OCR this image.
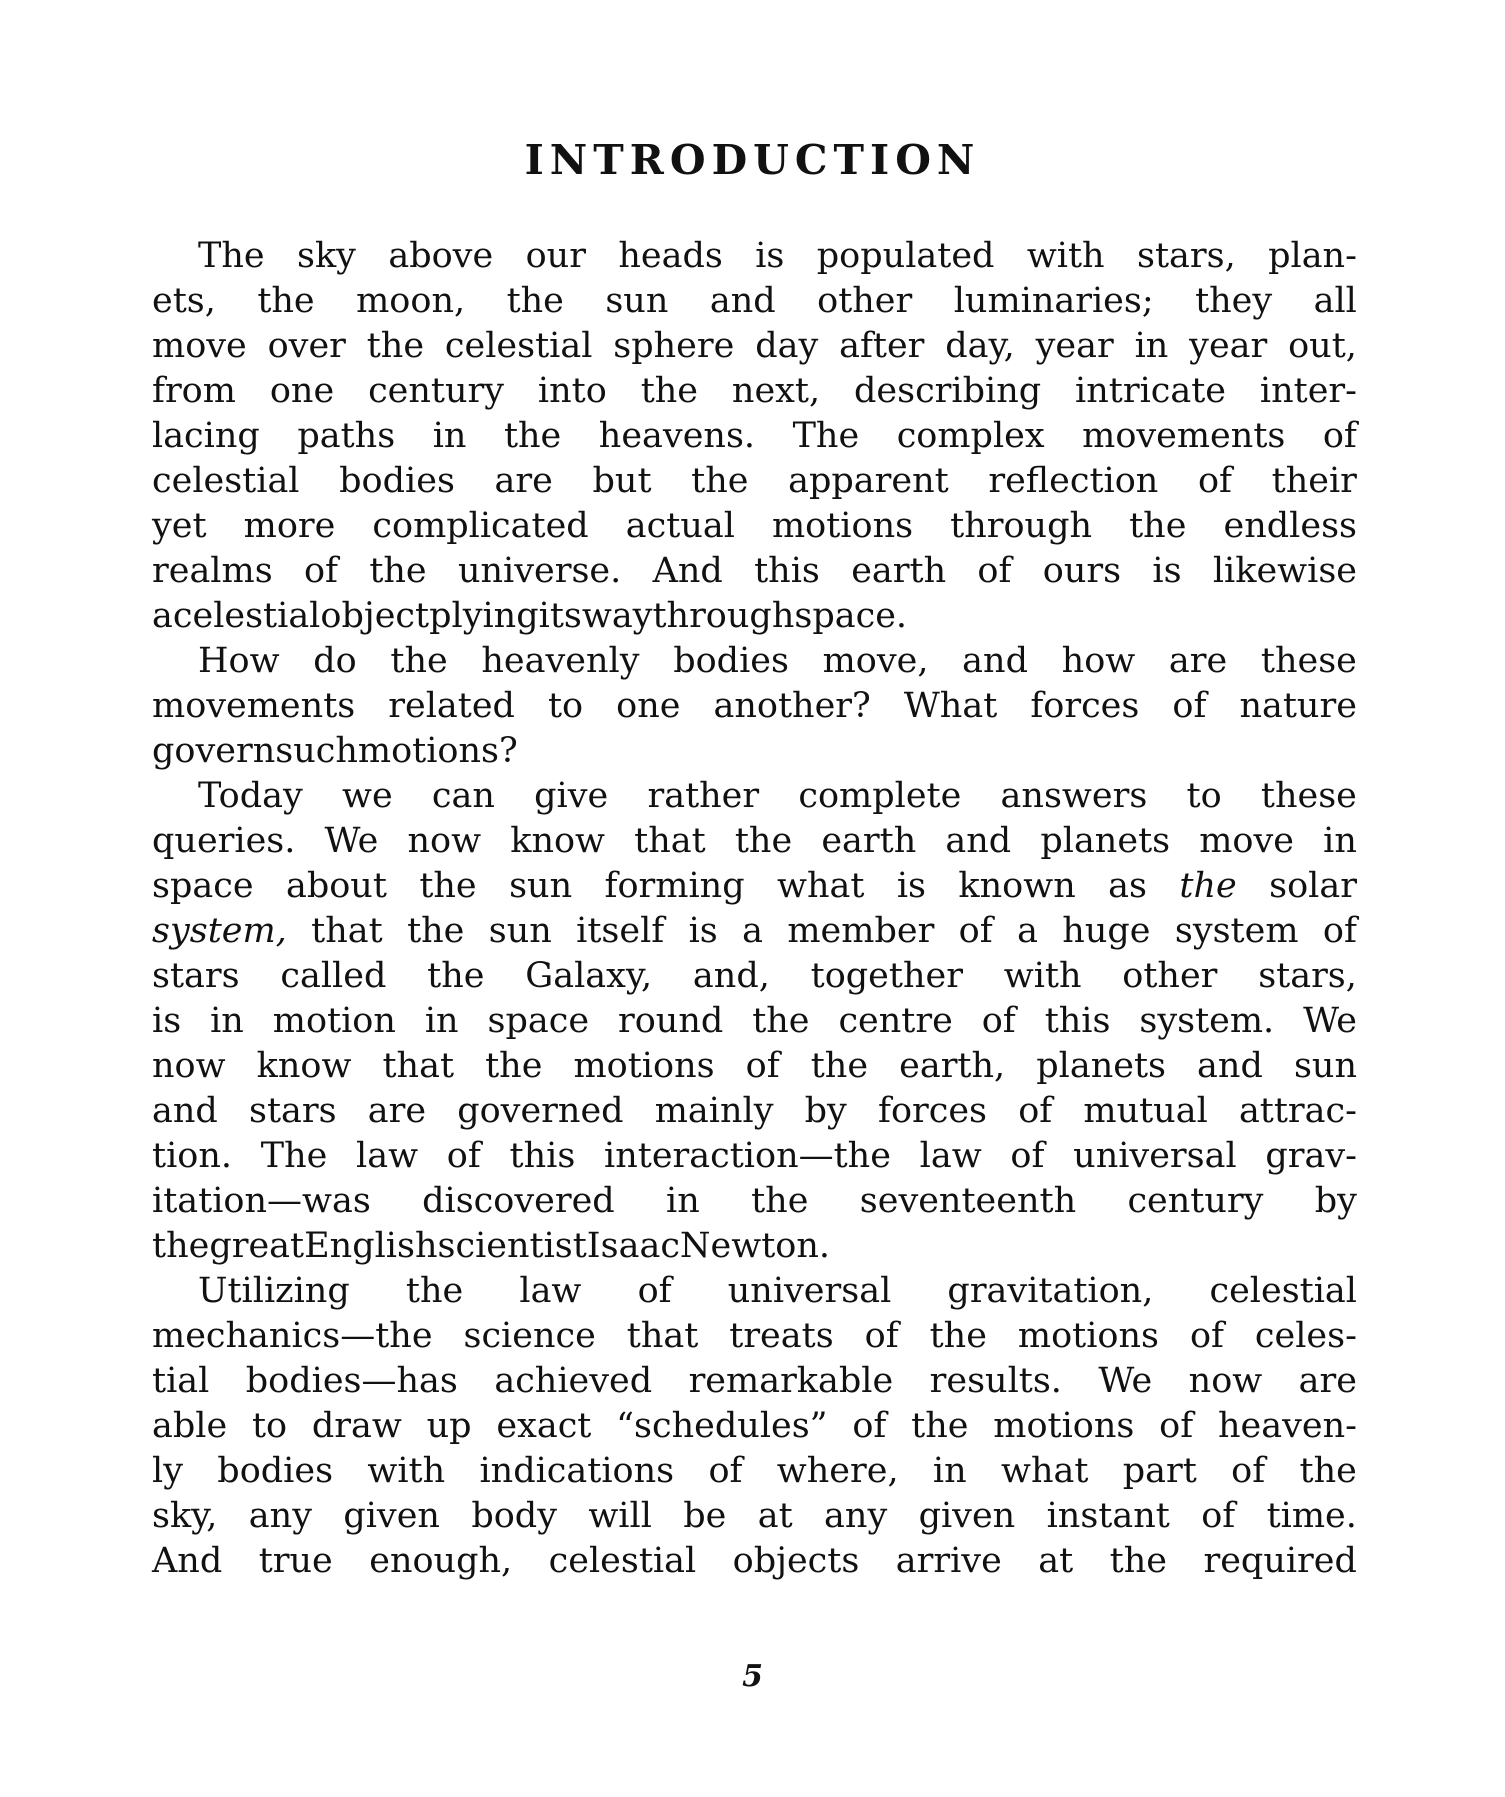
INTRODUCTION
The sky above our heads is populated with stars, plan-
ets, the moon, the sun and other luminaries; they all
move over the celestial sphere day after day, year in year out,
from one century into the next, describing intricate inter-
lacing paths in the heavens. The complex movements of
celestial bodies are but the apparent reflection of their
yet more complicated actual motions through the endless
realms of the universe. And this earth of ours is likewise
a celestial object plying its way through space.
How do the heavenly bodies move, and how are these
movements related to one another? What forces of nature
govern such motions?
Today we can give rather complete answers to these
queries. We now know that the earth and planets move in
space about the sun forming what is known as the solar
system, that the sun itself is a member of a huge system of
stars called the Galaxy, and, together with other stars,
is in motion in space round the centre of this system. We
now know that the motions of the earth, planets and sun
and stars are governed mainly by forces of mutual attrac-
tion. The law of this interaction—the law of universal grav-
itation—was discovered in the seventeenth century by
the great English scientist Isaac Newton.
Utilizing the law of universal gravitation, celestial
mechanics—the science that treats of the motions of celes-
tial bodies—has achieved remarkable results. We now are
able to draw up exact “schedules” of the motions of heaven-
ly bodies with indications of where, in what part of the
sky, any given body will be at any given instant of time.
And true enough, celestial objects arrive at the required
5
